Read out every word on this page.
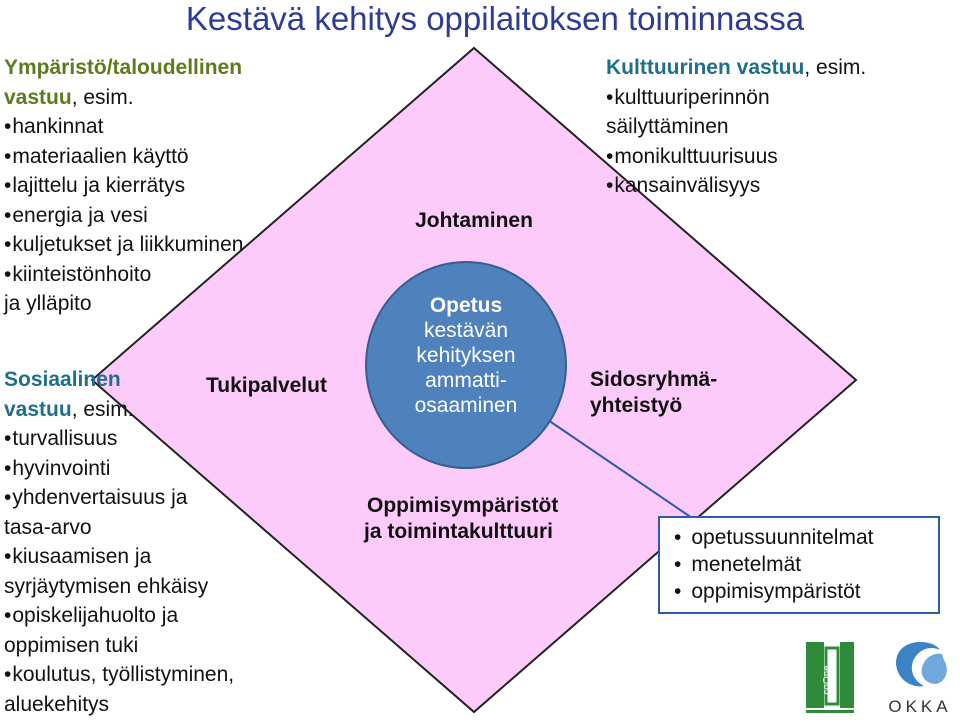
Kestävä kehitys oppilaitoksen toiminnassa
Ympäristö/taloudellinen
vastuu, esim.
• hankinnat
• materiaalien käyttö
• lajittelu ja kierrätys
• energia ja vesi
• kuljetukset ja liikkuminen
• kiinteistönhoito
ja ylläpito
Sosiaalinen
vastuu, esim.
• turvallisuus
• hyvinvointi
• yhdenvertaisuus ja
tasa-arvo
• kiusaamisen ja
syrjäytymisen ehkäisy
• opiskelijahuolto ja
oppimisen tuki
• koulutus, työllistyminen,
aluekehitys
Kulttuurinen vastuu, esim.
• kulttuuriperinnön
säilyttäminen
• monikulttuurisuus
• kansainvälisyys
Johtaminen
Tukipalvelut	Sidosryhmä-
yhteistyö
Oppimisympäristöt
ja toimintakulttuuri
Opetus
kestävän
kehityksen
ammatti-
osaaminen
• opetussuunnitelmat
• menetelmät
• oppimisympäristöt
coOne
OKKA
